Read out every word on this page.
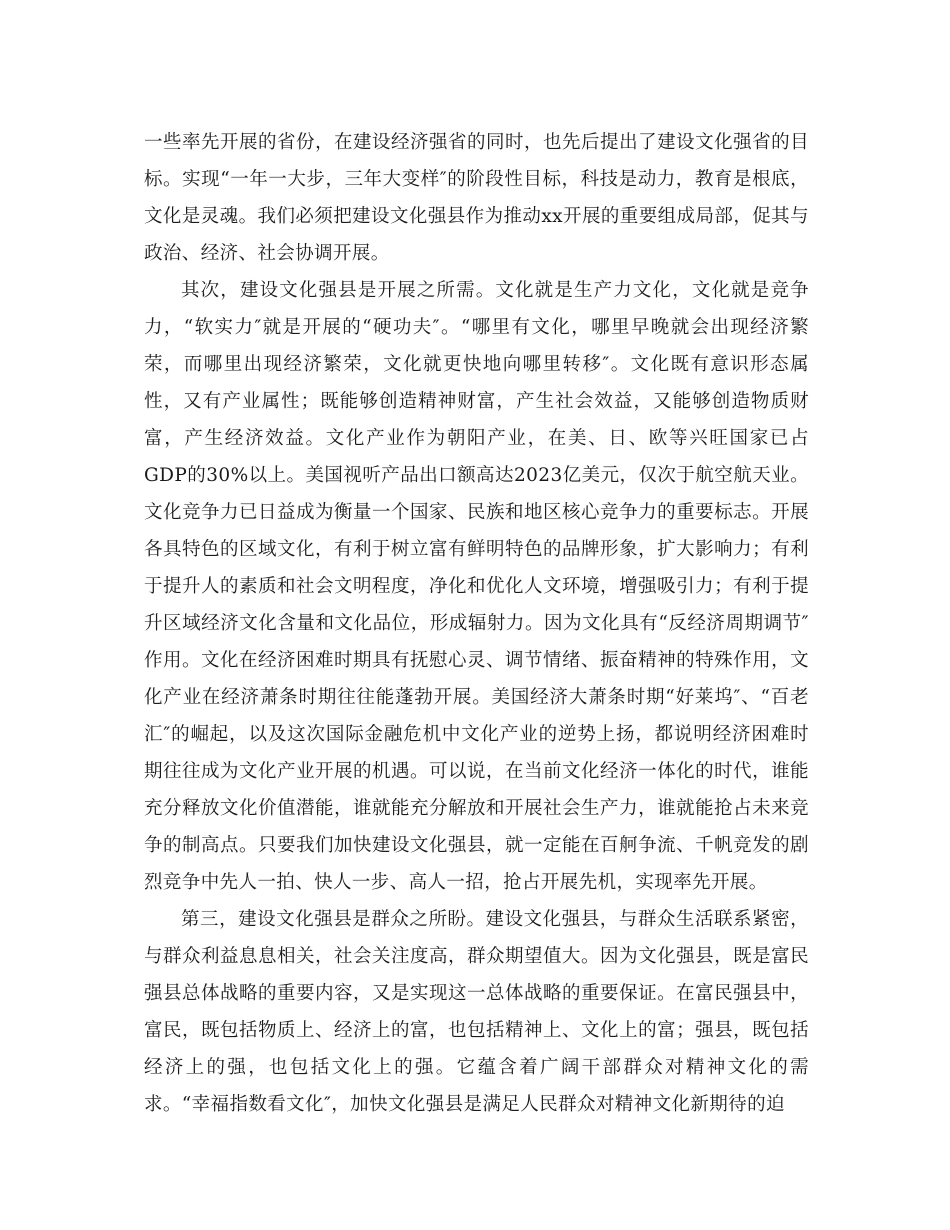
一些率先开展的省份，在建设经济强省的同时，也先后提出了建设文化强省的目标。实现“一年一大步，三年大变样″的阶段性目标，科技是动力，教育是根底，文化是灵魂。我们必须把建设文化强县作为推动xx开展的重要组成局部，促其与政治、经济、社会协调开展。

其次，建设文化强县是开展之所需。文化就是生产力文化，文化就是竞争力，“软实力″就是开展的“硬功夫″。“哪里有文化，哪里早晚就会出现经济繁荣，而哪里出现经济繁荣，文化就更快地向哪里转移″。文化既有意识形态属性，又有产业属性；既能够创造精神财富，产生社会效益，又能够创造物质财富，产生经济效益。文化产业作为朝阳产业，在美、日、欧等兴旺国家已占GDP的30%以上。美国视听产品出口额高达2023亿美元，仅次于航空航天业。文化竞争力已日益成为衡量一个国家、民族和地区核心竞争力的重要标志。开展各具特色的区域文化，有利于树立富有鲜明特色的品牌形象，扩大影响力；有利于提升人的素质和社会文明程度，净化和优化人文环境，增强吸引力；有利于提升区域经济文化含量和文化品位，形成辐射力。因为文化具有“反经济周期调节″作用。文化在经济困难时期具有抚慰心灵、调节情绪、振奋精神的特殊作用，文化产业在经济萧条时期往往能蓬勃开展。美国经济大萧条时期“好莱坞″、“百老汇″的崛起，以及这次国际金融危机中文化产业的逆势上扬，都说明经济困难时期往往成为文化产业开展的机遇。可以说，在当前文化经济一体化的时代，谁能充分释放文化价值潜能，谁就能充分解放和开展社会生产力，谁就能抢占未来竞争的制高点。只要我们加快建设文化强县，就一定能在百舸争流、千帆竞发的剧烈竞争中先人一拍、快人一步、高人一招，抢占开展先机，实现率先开展。

第三，建设文化强县是群众之所盼。建设文化强县，与群众生活联系紧密，与群众利益息息相关，社会关注度高，群众期望值大。因为文化强县，既是富民强县总体战略的重要内容，又是实现这一总体战略的重要保证。在富民强县中，富民，既包括物质上、经济上的富，也包括精神上、文化上的富；强县，既包括经济上的强，也包括文化上的强。它蕴含着广阔干部群众对精神文化的需求。“幸福指数看文化″，加快文化强县是满足人民群众对精神文化新期待的迫
